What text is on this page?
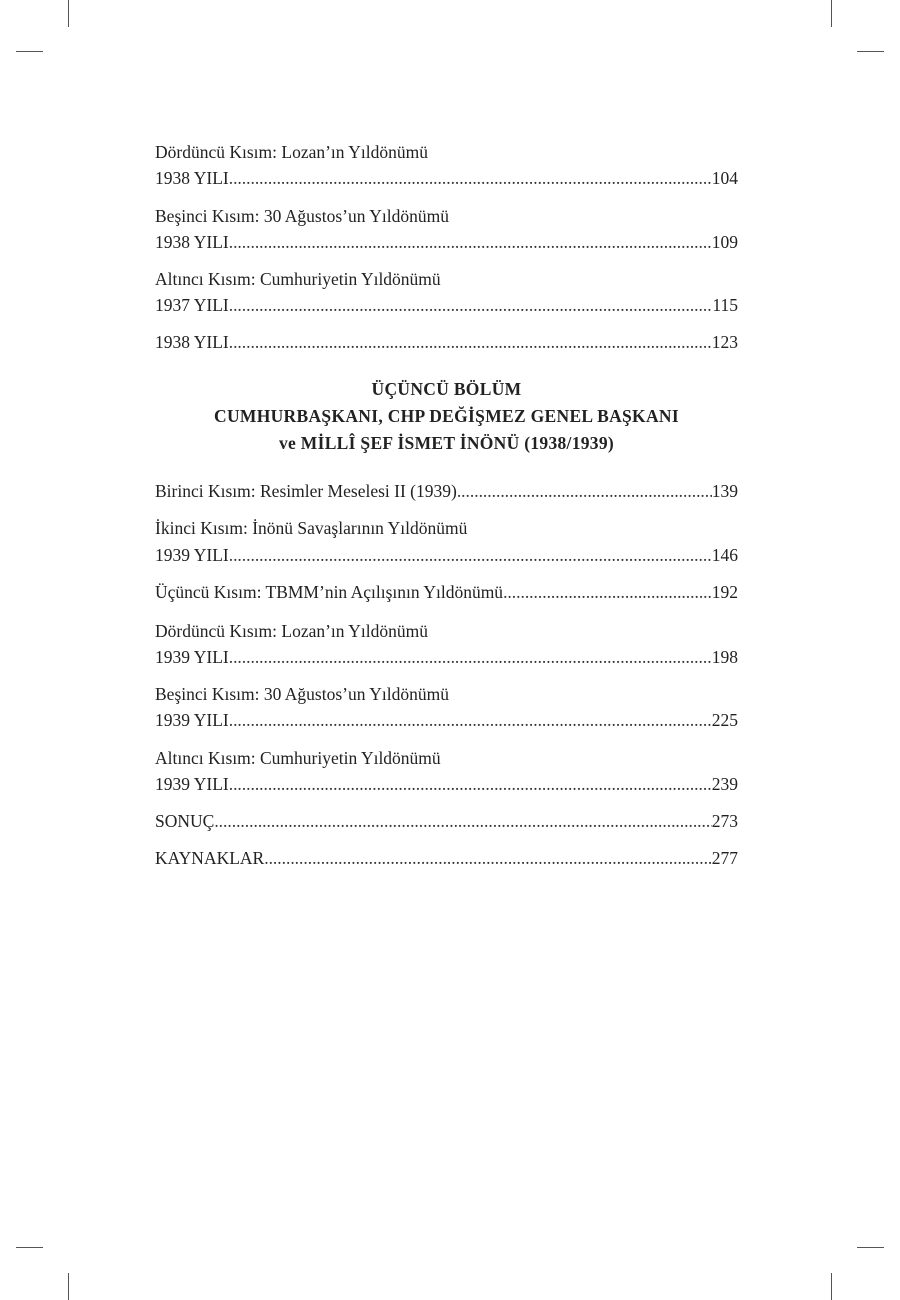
Dördüncü Kısım: Lozan’ın Yıldönümü
1938 YILI . . .	104
Beşinci Kısım: 30 Ağustos’un Yıldönümü
1938 YILI . . .	109
Altıncı Kısım: Cumhuriyetin Yıldönümü
1937 YILI . . .	115
1938 YILI . . .	123
ÜÇÜNCÜ BÖLÜM
CUMHURBAŞKANI, CHP DEĞİŞMEZ GENEL BAŞKANI
ve MİLLÎ ŞEF İSMET İNÖNÜ (1938/1939)
Birinci Kısım: Resimler Meselesi II (1939) . . .	139
İkinci Kısım: İnönü Savaşlarının Yıldönümü
1939 YILI . . .	146
Üçüncü Kısım: TBMM’nin Açılışının Yıldönümü . . .	192
Dördüncü Kısım: Lozan’ın Yıldönümü
1939 YILI . . .	198
Beşinci Kısım: 30 Ağustos’un Yıldönümü
1939 YILI . . .	225
Altıncı Kısım: Cumhuriyetin Yıldönümü
1939 YILI . . .	239
SONUÇ . . .	273
KAYNAKLAR . . .	277
